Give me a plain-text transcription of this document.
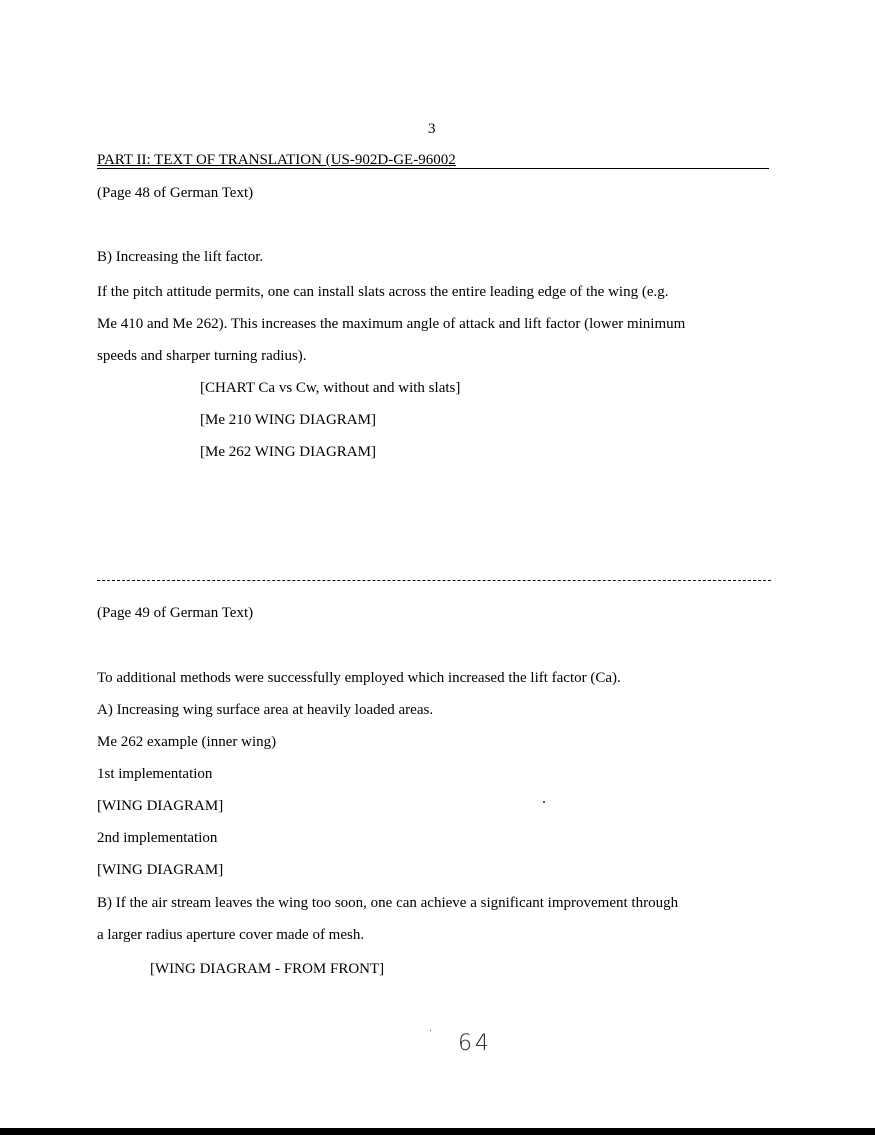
3
PART II: TEXT OF TRANSLATION (US-902D-GE-96002
(Page 48 of German Text)
B) Increasing the lift factor.
If the pitch attitude permits, one can install slats across the entire leading edge of the wing (e.g.
Me 410 and Me 262). This increases the maximum angle of attack and lift factor (lower minimum
speeds and sharper turning radius).
[CHART Ca vs Cw, without and with slats]
[Me 210 WING DIAGRAM]
[Me 262 WING DIAGRAM]
(Page 49 of German Text)
To additional methods were successfully employed which increased the lift factor (Ca).
A) Increasing wing surface area at heavily loaded areas.
Me 262 example (inner wing)
1st implementation
[WING DIAGRAM]
2nd implementation
[WING DIAGRAM]
B) If the air stream leaves the wing too soon, one can achieve a significant improvement through
a larger radius aperture cover made of mesh.
[WING DIAGRAM - FROM FRONT]
64
